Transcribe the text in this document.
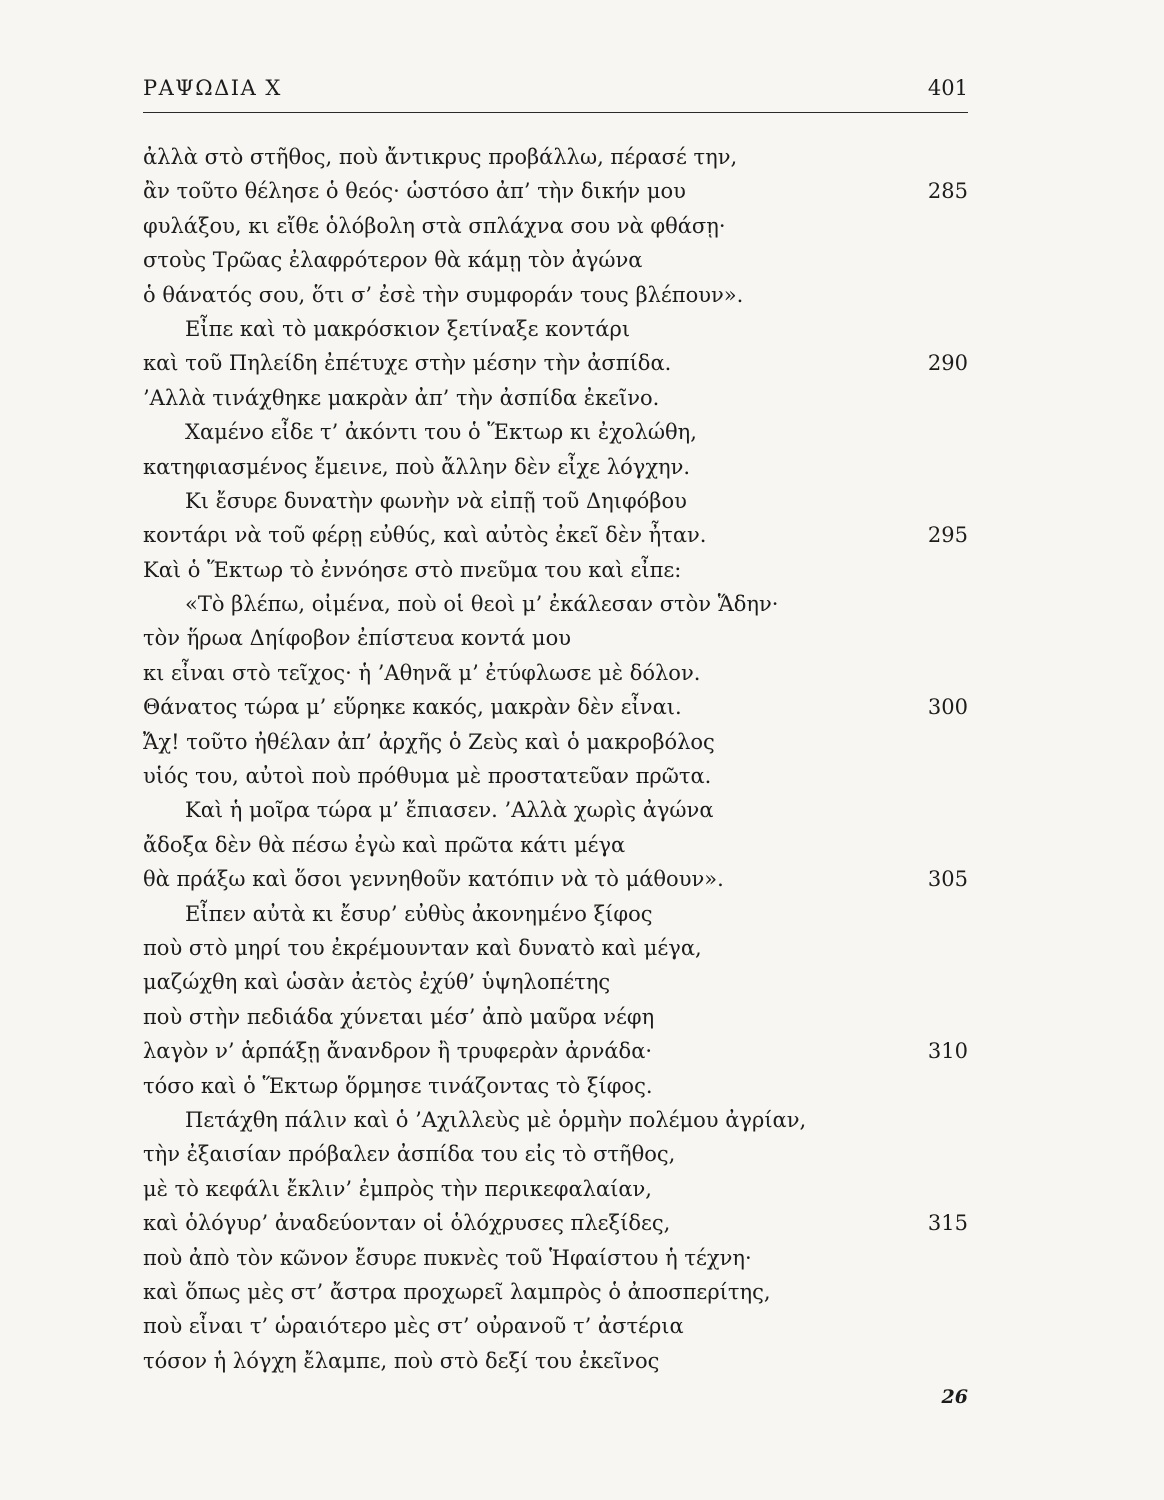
ΡΑΨΩΔΙΑ Χ	401
ἀλλὰ στὸ στῆθος, ποὺ ἄντικρυς προβάλλω, πέρασέ την,
ἂν τοῦτο θέλησε ὁ θεός· ὡστόσο ἀπ’ τὴν δικήν μου	285
φυλάξου, κι εἴθε ὁλόβολη στὰ σπλάχνα σου νὰ φθάσῃ·
στοὺς Τρῶας ἐλαφρότερον θὰ κάμῃ τὸν ἀγώνα
ὁ θάνατός σου, ὅτι σ’ ἐσὲ τὴν συμφοράν τους βλέπουν».
Εἶπε καὶ τὸ μακρόσκιον ξετίναξε κοντάρι
καὶ τοῦ Πηλείδη ἐπέτυχε στὴν μέσην τὴν ἀσπίδα.	290
’Αλλὰ τινάχθηκε μακρὰν ἀπ’ τὴν ἀσπίδα ἐκεῖνο.
Χαμένο εἶδε τ’ ἀκόντι του ὁ Ἕκτωρ κι ἐχολώθη,
κατηφιασμένος ἔμεινε, ποὺ ἄλλην δὲν εἶχε λόγχην.
Κι ἔσυρε δυνατὴν φωνὴν νὰ εἰπῇ τοῦ Δηιφόβου
κοντάρι νὰ τοῦ φέρῃ εὐθύς, καὶ αὐτὸς ἐκεῖ δὲν ἦταν.	295
Καὶ ὁ Ἕκτωρ τὸ ἐννόησε στὸ πνεῦμα του καὶ εἶπε:
«Τὸ βλέπω, οἰμένα, ποὺ οἱ θεοὶ μ’ ἐκάλεσαν στὸν Ἅδην·
τὸν ἥρωα Δηίφοβον ἐπίστευα κοντά μου
κι εἶναι στὸ τεῖχος· ἡ ’Αθηνᾶ μ’ ἐτύφλωσε μὲ δόλον.
Θάνατος τώρα μ’ εὕρηκε κακός, μακρὰν δὲν εἶναι.	300
Ἄχ! τοῦτο ἠθέλαν ἀπ’ ἀρχῆς ὁ Ζεὺς καὶ ὁ μακροβόλος
υἱός του, αὐτοὶ ποὺ πρόθυμα μὲ προστατεῦαν πρῶτα.
Καὶ ἡ μοῖρα τώρα μ’ ἔπιασεν. ’Αλλὰ χωρὶς ἀγώνα
ἄδοξα δὲν θὰ πέσω ἐγὼ καὶ πρῶτα κάτι μέγα
θὰ πράξω καὶ ὅσοι γεννηθοῦν κατόπιν νὰ τὸ μάθουν».	305
Εἶπεν αὐτὰ κι ἔσυρ’ εὐθὺς ἀκονημένο ξίφος
ποὺ στὸ μηρί του ἐκρέμουνταν καὶ δυνατὸ καὶ μέγα,
μαζώχθη καὶ ὡσὰν ἀετὸς ἐχύθ’ ὑψηλοπέτης
ποὺ στὴν πεδιάδα χύνεται μέσ’ ἀπὸ μαῦρα νέφη
λαγὸν ν’ ἁρπάξῃ ἄνανδρον ἢ τρυφερὰν ἀρνάδα·	310
τόσο καὶ ὁ Ἕκτωρ ὅρμησε τινάζοντας τὸ ξίφος.
Πετάχθη πάλιν καὶ ὁ ’Αχιλλεὺς μὲ ὁρμὴν πολέμου ἀγρίαν,
τὴν ἐξαισίαν πρόβαλεν ἀσπίδα του εἰς τὸ στῆθος,
μὲ τὸ κεφάλι ἔκλιν’ ἐμπρὸς τὴν περικεφαλαίαν,
καὶ ὁλόγυρ’ ἀναδεύονταν οἱ ὁλόχρυσες πλεξίδες,	315
ποὺ ἀπὸ τὸν κῶνον ἔσυρε πυκνὲς τοῦ Ἡφαίστου ἡ τέχνη·
καὶ ὅπως μὲς στ’ ἄστρα προχωρεῖ λαμπρὸς ὁ ἀποσπερίτης,
ποὺ εἶναι τ’ ὡραιότερο μὲς στ’ οὐρανοῦ τ’ ἀστέρια
τόσον ἡ λόγχη ἔλαμπε, ποὺ στὸ δεξί του ἐκεῖνος
26
